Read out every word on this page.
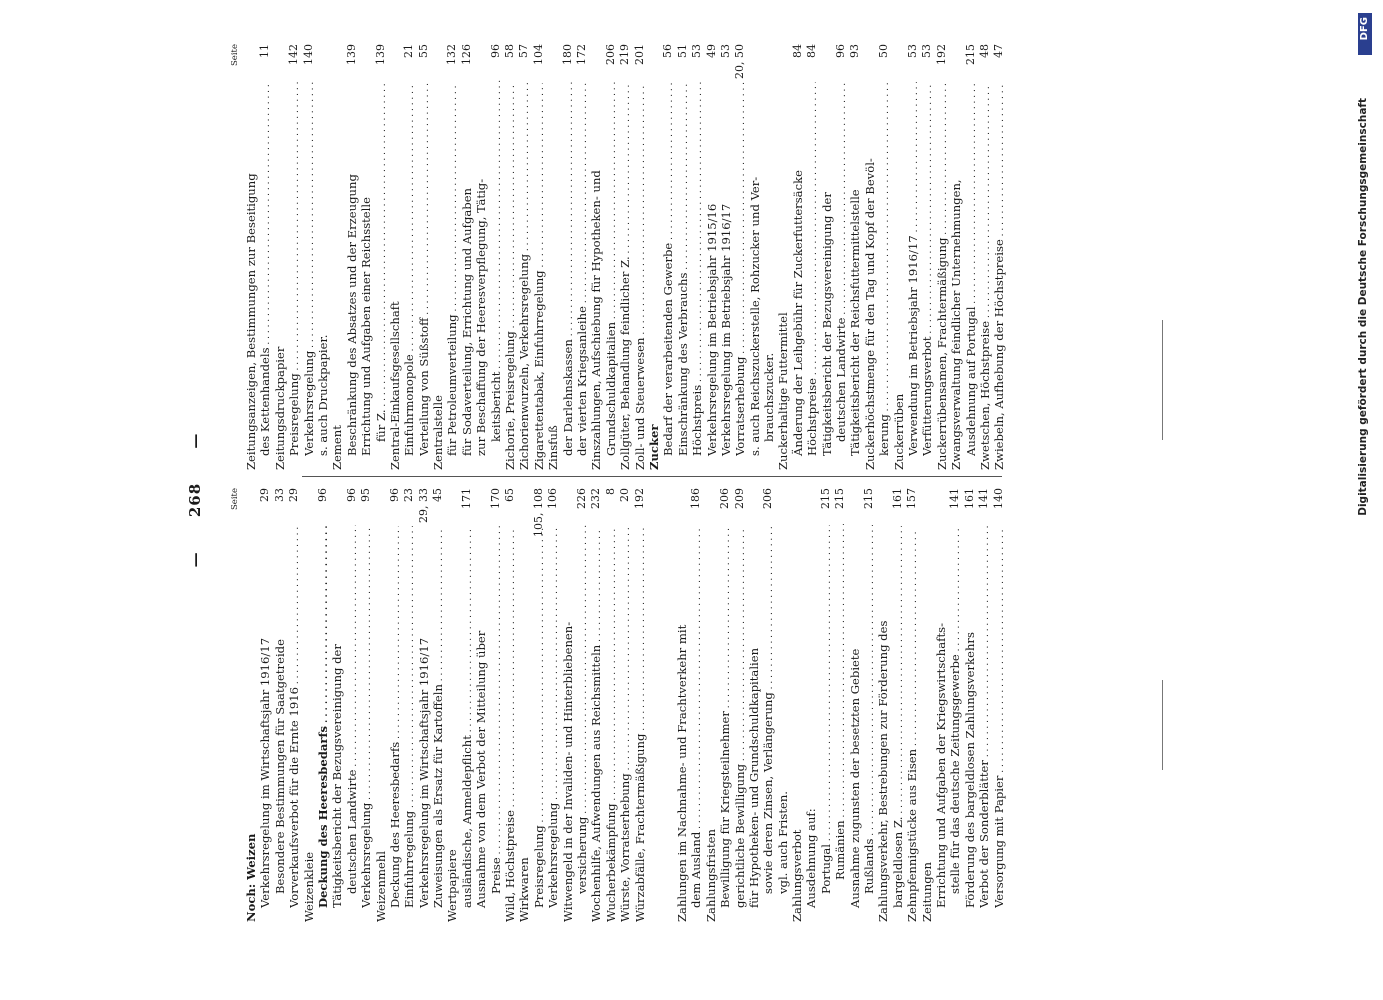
— 268 —
Seite
Noch: Weizen Verkehrsregelung im Wirtschaftsjahr 1916/17
29
Besondere Bestimmungen für Saatgetreide
33
Vorverkaufsverbot für die Ernte 1916 . . .
29
Weizenkleie Deckung des Heeresbedarfs . . .
96
Tätigkeitsbericht der Bezugsvereinigung der deutschen Landwirte . . .
96
Verkehrsregelung . . .
95
Weizenmehl Deckung des Heeresbedarfs . . .
96
Einfuhrregelung . . .
23
Verkehrsregelung im Wirtschaftsjahr 1916/17
29, 33
Zuweisungen als Ersatz für Kartoffeln . . .
45
Wertpapiere ausländische, Anmeldepflicht . . .
171
Ausnahme von dem Verbot der Mitteilung über Preise . . .
170
Wild, Höchstpreise . . .
65
Wirkwaren Preisregelung . . .
105, 108
Verkehrsregelung . . .
106
Witwengeld in der Invaliden- und Hinterbliebenen- versicherung . . .
226
Wochenhilfe, Aufwendungen aus Reichsmitteln . . .
232
Wucherbekämpfung . . .
8
Würste, Vorratserhebung . . .
20
Würzabfälle, Frachtermäßigung . . .
192
Zahlungen im Nachnahme- und Frachtverkehr mit dem Ausland . . .
186
Zahlungsfristen Bewilligung für Kriegsteilnehmer . . .
206
gerichtliche Bewilligung . . .
209
für Hypotheken- und Grundschuldkapitalien sowie deren Zinsen, Verlängerung . . .
206
vgl. auch Fristen. Zahlungsverbot Ausdehnung auf: Portugal . . .
215
Rumänien . . .
215
Ausnahme zugunsten der besetzten Gebiete Rußlands . . .
215
Zahlungsverkehr, Bestrebungen zur Förderung des bargeldlosen Z. . . .
161
Zehnpfennigstücke aus Eisen . . .
157
Zeitungen Errichtung und Aufgaben der Kriegswirtschafts- stelle für das deutsche Zeitungsgewerbe . . .
141
Förderung des bargeldlosen Zahlungsverkehrs
161
Verbot der Sonderblätter . . .
141
Versorgung mit Papier . . .
140
Seite
Zeitungsanzeigen, Bestimmungen zur Beseitigung des Kettenhandels . . .
11
Zeitungsdruckpapier Preisregelung . . .
142
Verkehrsregelung . . .
140
s. auch Druckpapier. Zement Beschränkung des Absatzes und der Erzeugung
139
Errichtung und Aufgaben einer Reichsstelle für Z. . . .
139
Zentral-Einkaufsgesellschaft Einfuhrmonopole . . .
21
Verteilung von Süßstoff . . .
55
Zentralstelle für Petroleumverteilung . . .
132
für Sodaverteilung, Errichtung und Aufgaben
126
zur Beschaffung der Heeresverpflegung, Tätig- keitsbericht . . .
96
Zichorie, Preisregelung . . .
58
Zichorienwurzeln, Verkehrsregelung . . .
57
Zigarettentabak, Einfuhrregelung . . .
104
Zinsfuß der Darlehnskassen . . .
180
der vierten Kriegsanleihe . . .
172
Zinszahlungen, Aufschiebung für Hypotheken- und Grundschuldkapitalien . . .
206
Zollgüter, Behandlung feindlicher Z. . . .
219
Zoll- und Steuerwesen . . .
201
Zucker Bedarf der verarbeitenden Gewerbe . . .
56
Einschränkung des Verbrauchs . . .
51
Höchstpreis . . .
53
Verkehrsregelung im Betriebsjahr 1915/16
49
Verkehrsregelung im Betriebsjahr 1916/17
53
Vorratserhebung . . .
20, 50
s. auch Reichszuckerstelle, Rohzucker und Ver- brauchszucker. Zuckerhaltige Futtermittel Änderung der Leihgebühr für Zuckerfuttersäcke
84
Höchstpreise . . .
84
Tätigkeitsbericht der Bezugsvereinigung der deutschen Landwirte . . .
96
Tätigkeitsbericht der Reichsfuttermittelstelle
93
Zuckerhöchstmenge für den Tag und Kopf der Bevöl- kerung . . .
50
Zuckerrüben Verwendung im Betriebsjahr 1916/17 . . .
53
Verfütterungsverbot . . .
53
Zuckerrübensamen, Frachtermäßigung . . .
192
Zwangsverwaltung feindlicher Unternehmungen, Ausdehnung auf Portugal . . .
215
Zwetschen, Höchstpreise . . .
48
Zwiebeln, Aufhebung der Höchstpreise . . .
47
DFG
Digitalisierung gefördert durch die Deutsche Forschungsgemeinschaft
